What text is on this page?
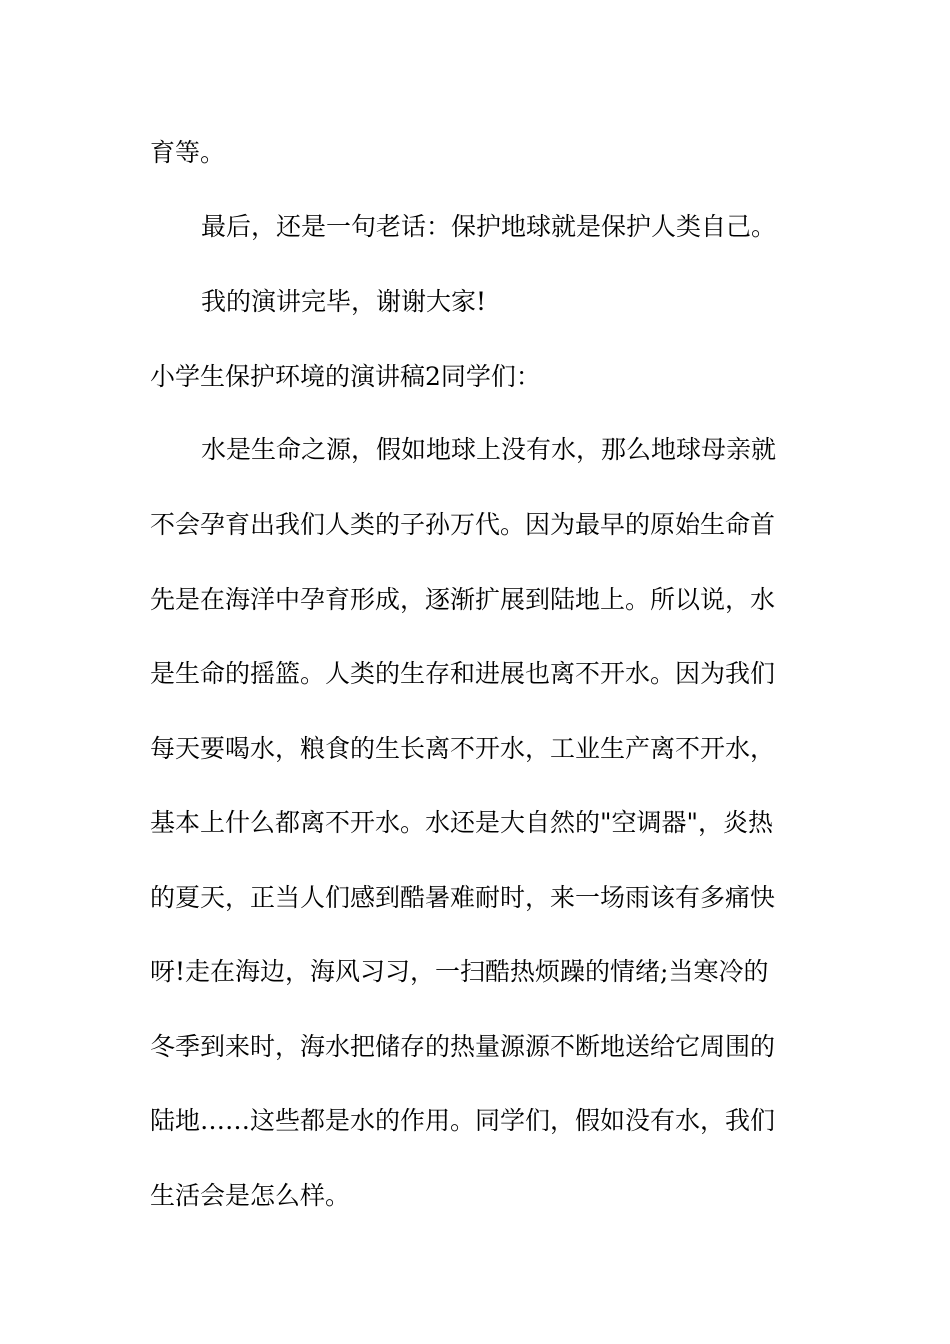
育等。
最后，还是一句老话：保护地球就是保护人类自己。
我的演讲完毕，谢谢大家!
小学生保护环境的演讲稿2同学们：
水是生命之源，假如地球上没有水，那么地球母亲就
不会孕育出我们人类的子孙万代。因为最早的原始生命首
先是在海洋中孕育形成，逐渐扩展到陆地上。所以说，水
是生命的摇篮。人类的生存和进展也离不开水。因为我们
每天要喝水，粮食的生长离不开水，工业生产离不开水，
基本上什么都离不开水。水还是大自然的"空调器"，炎热
的夏天，正当人们感到酷暑难耐时，来一场雨该有多痛快
呀!走在海边，海风习习，一扫酷热烦躁的情绪;当寒冷的
冬季到来时，海水把储存的热量源源不断地送给它周围的
陆地……这些都是水的作用。同学们，假如没有水，我们
生活会是怎么样。
